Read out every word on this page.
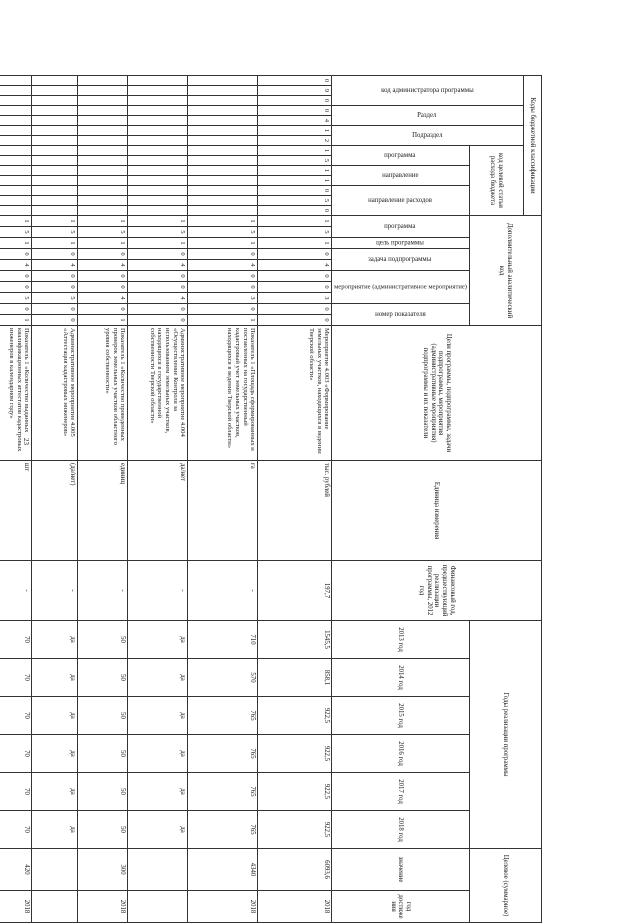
23
Коды бюджетной классификации														Дополнительный аналитический код										Цели программы, подпрограммы, задачи подпрограммы, мероприятия (административные мероприятия) подпрограммы и их показатели	Единица измерения	Финансовый год, предшествующий реализации программы, 2012 год	Годы реализации программы						Целевое (суммарное)	
код администратора программы			Раздел		Подраздел		код целевой статьи расхода бюджета																											
							программа		направление		направление расходов			программа		цель программы	задача подпрограммы		мероприятие (административное мероприятие)			номер показателя					2013 год	2014 год	2015 год	2016 год	2017 год	2018 год	значение	год достижения
0	9	0	0	4	1	2	1	5	1	1	0	5	0	1	5	1	0	4	0	0	3	0	0	Мероприятие 4.003 «Формирование земельных участков, находящихся в ведении Тверской области»	тыс. рублей	197,7	1545,5	858,1	922,5	922,5	922,5	922,5	6093,6	2018
														1	5	1	0	4	0	0	3	0	1	Показатель 1 «Площадь сформированных и поставленных на государственный кадастровый учет земельных участков, находящихся в ведении Тверской области»	га	-	710	570	765	765	765	765	4340	2018
														1	5	1	0	4	0	0	4	0	0	Административное мероприятие 4.004 «Осуществление Контроля за использованием земельных участков, находящихся в государственной собственности Тверской области»	да/нет	-	да	да	да	да	да	да		
														1	5	1	0	4	0	0	4	0	1	Показатель 1 «Количество проведенных проверок земельных участков областного уровня собственности»	единиц	-	50	50	50	50	50	50	300	2018
														1	5	1	0	4	0	0	5	0	0	Административное мероприятие 4.005 «Аттестация кадастровых инженеров»	(да/нет)	-	да	да	да	да	да	да		
														1	5	1	0	4	0	0	5	0	1	Показатель 1 «Количество выданных квалификационных аттестатов кадастровых инженеров в календарном году»	шт	-	70	70	70	70	70	70	420	2018
